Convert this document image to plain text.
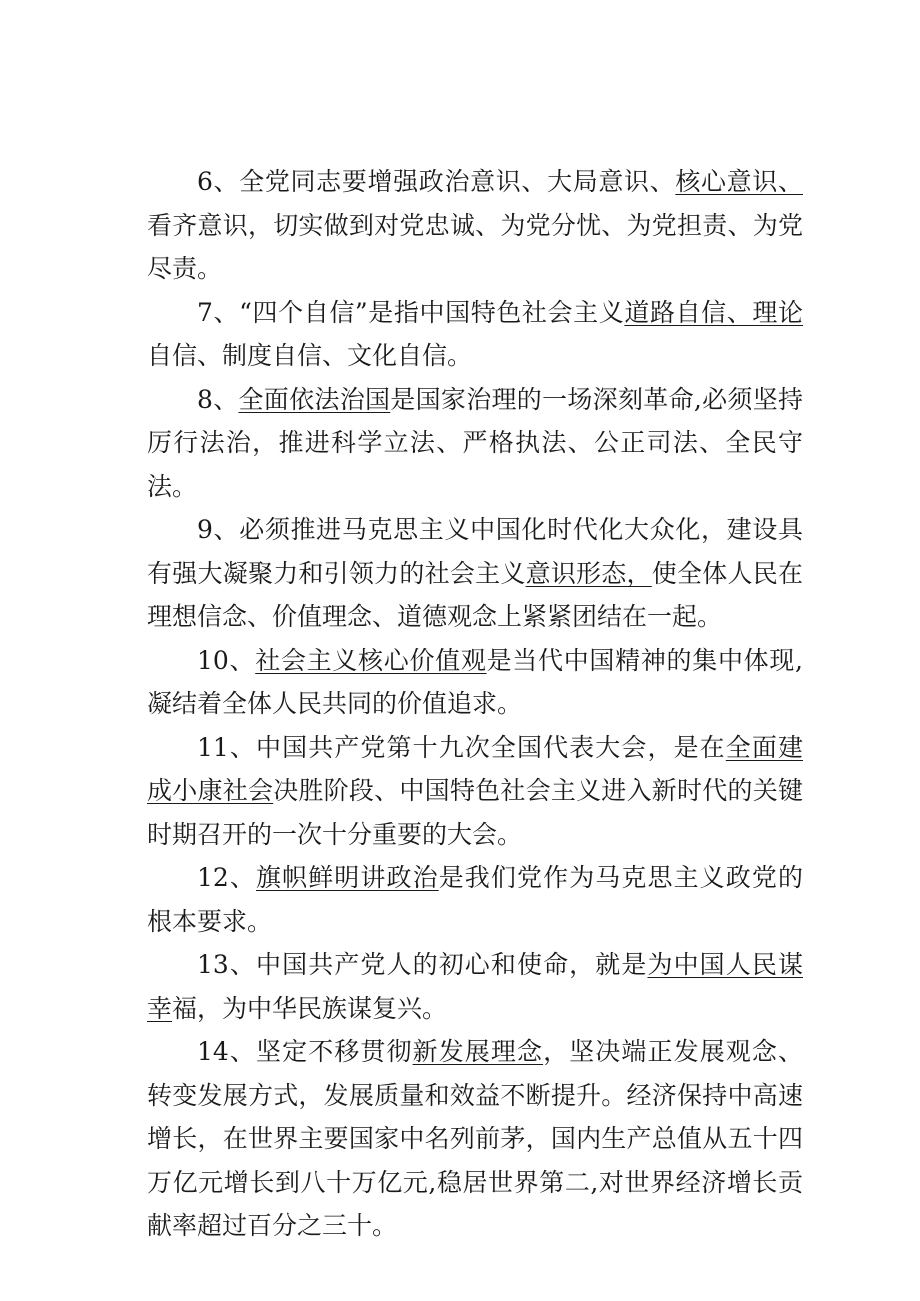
6、全党同志要增强政治意识、大局意识、核心意识、看齐意识，切实做到对党忠诚、为党分忧、为党担责、为党尽责。

7、“四个自信”是指中国特色社会主义道路自信、理论自信、制度自信、文化自信。

8、全面依法治国是国家治理的一场深刻革命,必须坚持厉行法治，推进科学立法、严格执法、公正司法、全民守法。

9、必须推进马克思主义中国化时代化大众化，建设具有强大凝聚力和引领力的社会主义意识形态，使全体人民在理想信念、价值理念、道德观念上紧紧团结在一起。

10、社会主义核心价值观是当代中国精神的集中体现,凝结着全体人民共同的价值追求。

11、中国共产党第十九次全国代表大会，是在全面建成小康社会决胜阶段、中国特色社会主义进入新时代的关键时期召开的一次十分重要的大会。

12、旗帜鲜明讲政治是我们党作为马克思主义政党的根本要求。

13、中国共产党人的初心和使命，就是为中国人民谋幸福，为中华民族谋复兴。

14、坚定不移贯彻新发展理念，坚决端正发展观念、转变发展方式，发展质量和效益不断提升。经济保持中高速增长，在世界主要国家中名列前茅，国内生产总值从五十四万亿元增长到八十万亿元,稳居世界第二,对世界经济增长贡献率超过百分之三十。
